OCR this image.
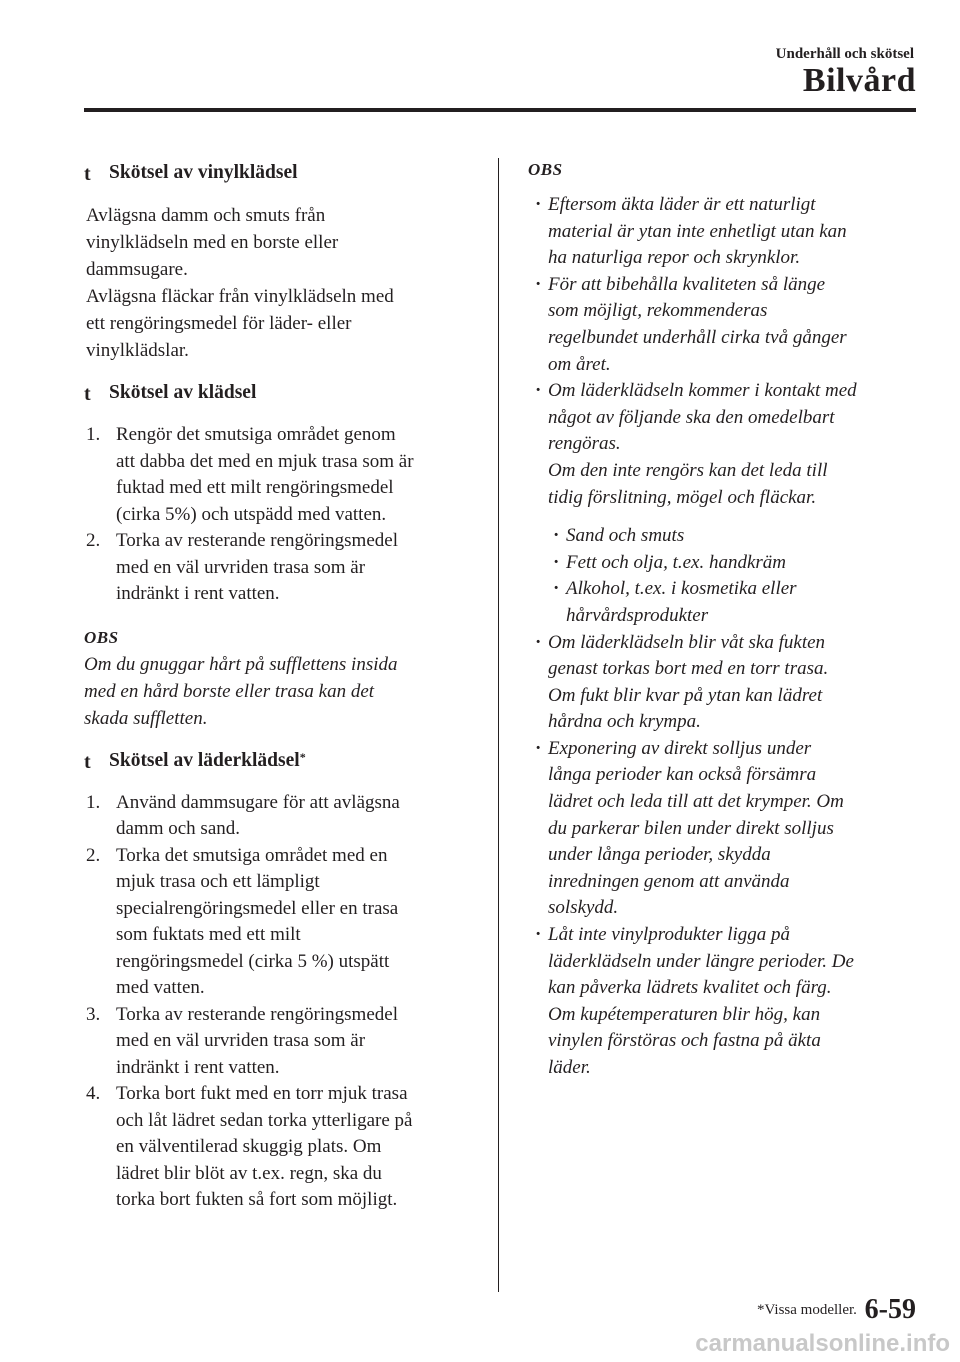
Underhåll och skötsel
Bilvård
t Skötsel av vinylklädsel
Avlägsna damm och smuts från
vinylklädseln med en borste eller
dammsugare.
Avlägsna fläckar från vinylklädseln med
ett rengöringsmedel för läder- eller
vinylklädslar.
t Skötsel av klädsel
1. Rengör det smutsiga området genom
att dabba det med en mjuk trasa som är
fuktad med ett milt rengöringsmedel
(cirka 5%) och utspädd med vatten.
2. Torka av resterande rengöringsmedel
med en väl urvriden trasa som är
indränkt i rent vatten.
OBS
Om du gnuggar hårt på sufflettens insida
med en hård borste eller trasa kan det
skada suffletten.
t Skötsel av läderklädsel*
1. Använd dammsugare för att avlägsna
damm och sand.
2. Torka det smutsiga området med en
mjuk trasa och ett lämpligt
specialrengöringsmedel eller en trasa
som fuktats med ett milt
rengöringsmedel (cirka 5 %) utspätt
med vatten.
3. Torka av resterande rengöringsmedel
med en väl urvriden trasa som är
indränkt i rent vatten.
4. Torka bort fukt med en torr mjuk trasa
och låt lädret sedan torka ytterligare på
en välventilerad skuggig plats. Om
lädret blir blöt av t.ex. regn, ska du
torka bort fukten så fort som möjligt.
OBS
· Eftersom äkta läder är ett naturligt
material är ytan inte enhetligt utan kan
ha naturliga repor och skrynklor.
· För att bibehålla kvaliteten så länge
som möjligt, rekommenderas
regelbundet underhåll cirka två gånger
om året.
· Om läderklädseln kommer i kontakt med
något av följande ska den omedelbart
rengöras.
Om den inte rengörs kan det leda till
tidig förslitning, mögel och fläckar.
· Sand och smuts
· Fett och olja, t.ex. handkräm
· Alkohol, t.ex. i kosmetika eller
hårvårdsprodukter
· Om läderklädseln blir våt ska fukten
genast torkas bort med en torr trasa.
Om fukt blir kvar på ytan kan lädret
hårdna och krympa.
· Exponering av direkt solljus under
långa perioder kan också försämra
lädret och leda till att det krymper. Om
du parkerar bilen under direkt solljus
under långa perioder, skydda
inredningen genom att använda
solskydd.
· Låt inte vinylprodukter ligga på
läderklädseln under längre perioder. De
kan påverka lädrets kvalitet och färg.
Om kupétemperaturen blir hög, kan
vinylen förstöras och fastna på äkta
läder.
*Vissa modeller. 6-59
carmanualsonline.info
